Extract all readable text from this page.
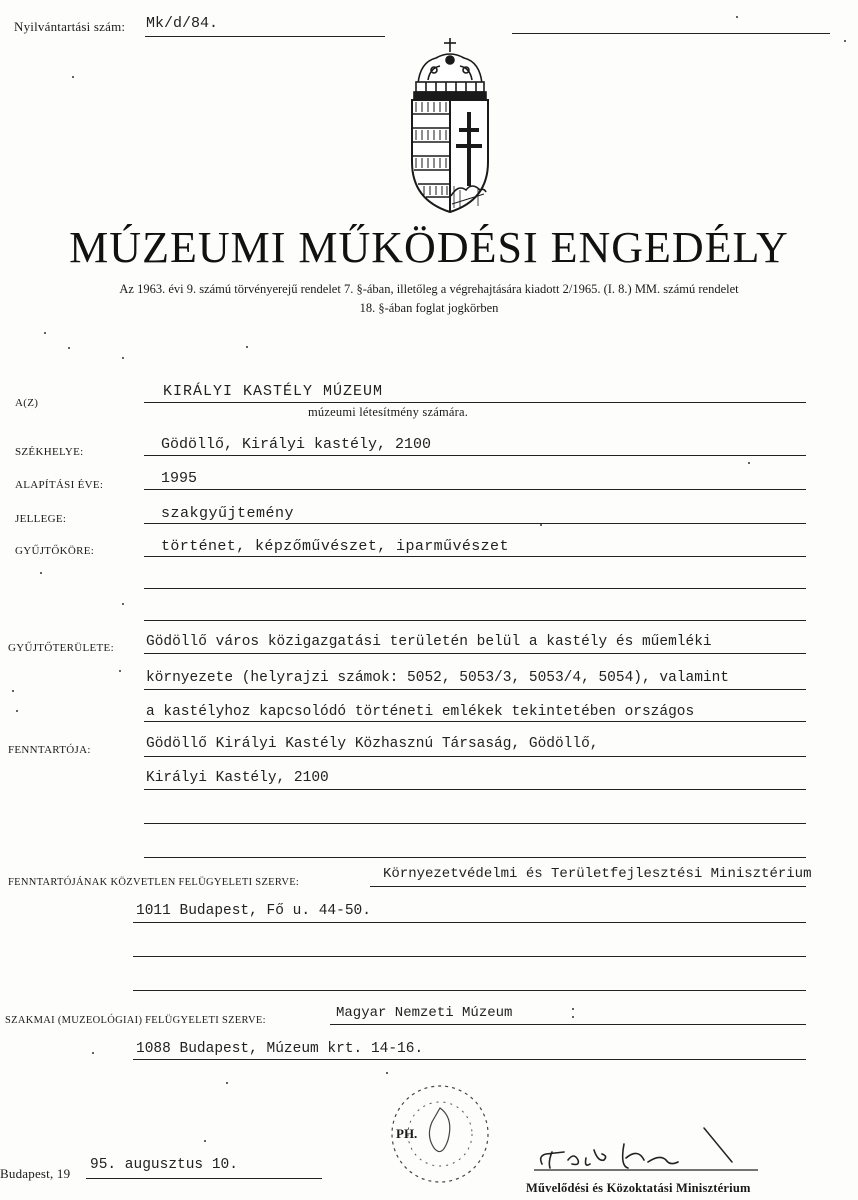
Nyilvántartási szám: Mk/d/84.
MÚZEUMI MŰKÖDÉSI ENGEDÉLY
Az 1963. évi 9. számú törvényerejű rendelet 7. §-ában, illetőleg a végrehajtására kiadott 2/1965. (I. 8.) MM. számú rendelet
18. §-ában foglat jogkörben
A(Z)
KIRÁLYI KASTÉLY MÚZEUM
múzeumi létesítmény számára.
SZÉKHELYE:	Gödöllő, Királyi kastély, 2100
ALAPÍTÁSI ÉVE:	1995
JELLEGE:	szakgyűjtemény
GYŰJTŐKÖRE:	történet, képzőművészet, iparművészet
GYŰJTŐTERÜLETE: Gödöllő város közigazgatási területén belül a kastély és műemléki
környezete (helyrajzi számok: 5052, 5053/3, 5053/4, 5054), valamint
a kastélyhoz kapcsolódó történeti emlékek tekintetében országos
FENNTARTÓJA:	Gödöllő Királyi Kastély Közhasznú Társaság, Gödöllő,
Királyi Kastély, 2100
FENNTARTÓJÁNAK KÖZVETLEN FELÜGYELETI SZERVE:
Környezetvédelmi és Területfejlesztési Minisztérium
1011 Budapest, Fő u. 44-50.
SZAKMAI (MUZEOLÓGIAI) FELÜGYELETI SZERVE:	Magyar Nemzeti Múzeum
1088 Budapest, Múzeum krt. 14-16.
Budapest, 19
95. augusztus 10.
PH.
Művelődési és Közoktatási Minisztérium
